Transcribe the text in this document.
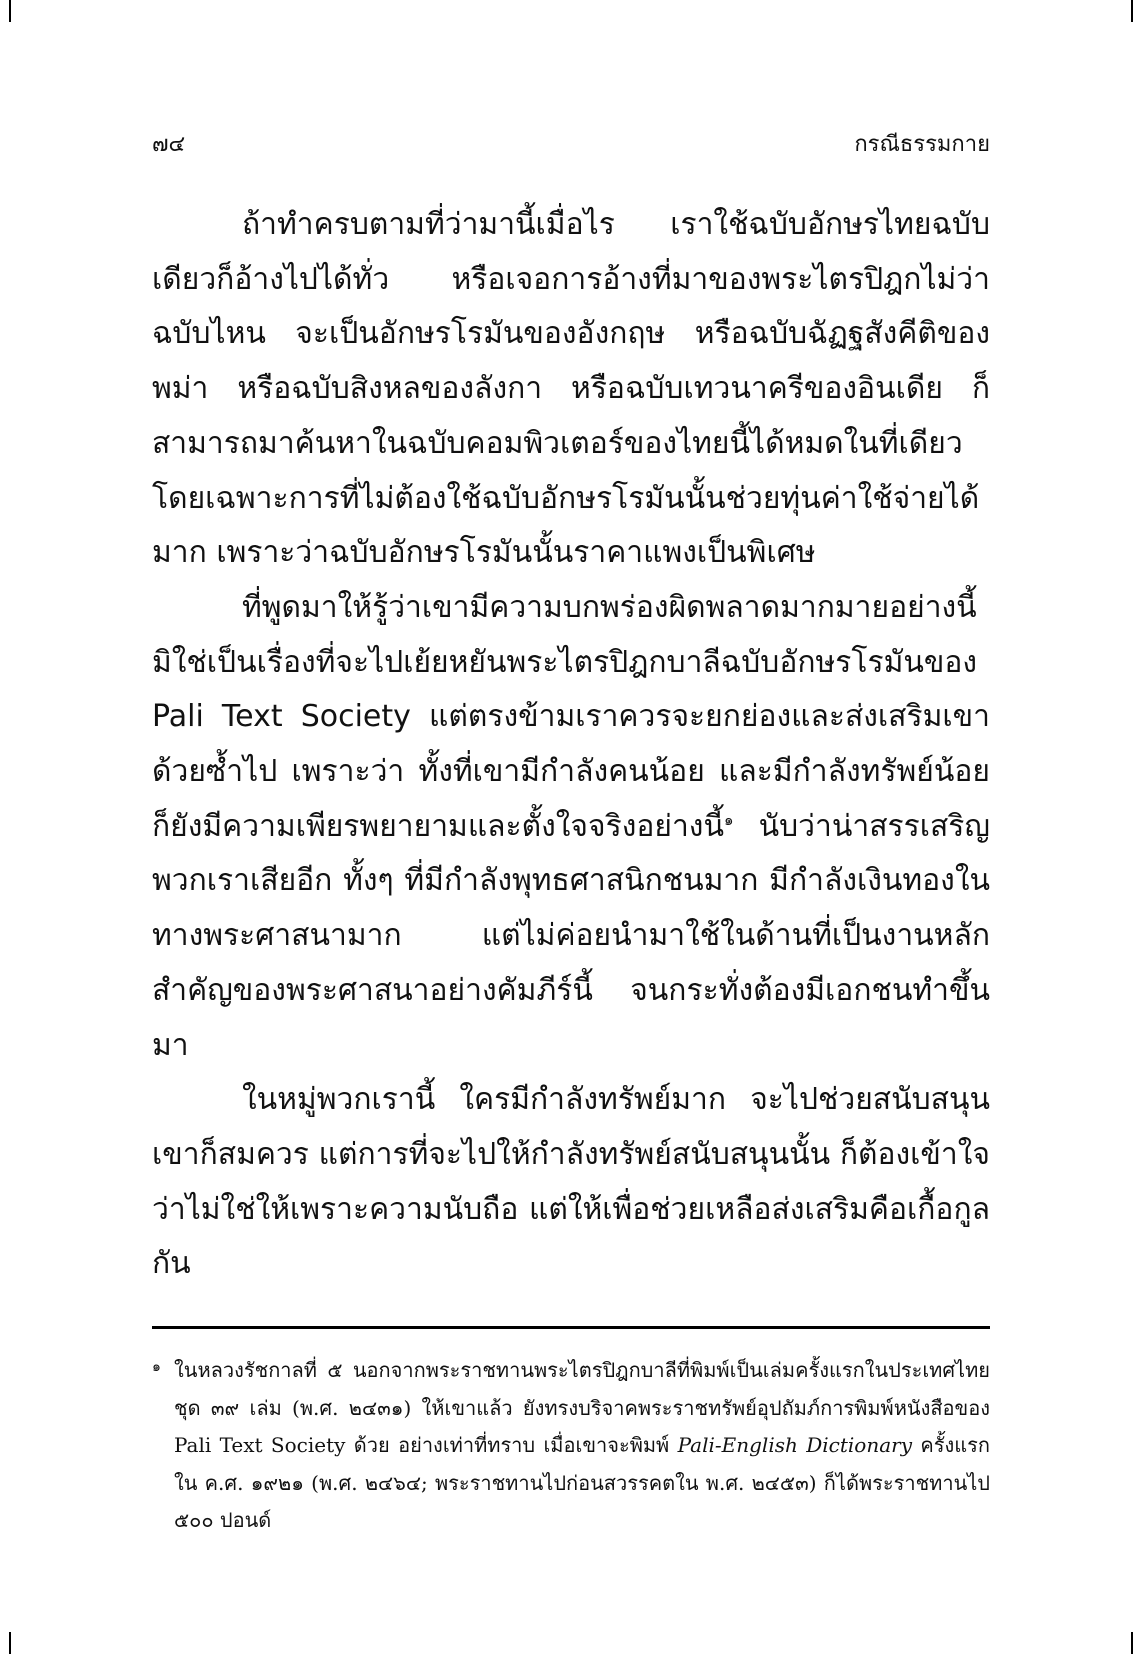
๗๔	กรณีธรรมกาย

ถ้าทำครบตามที่ว่ามานี้เมื่อไร เราใช้ฉบับอักษรไทยฉบับเดียวก็อ้างไปได้ทั่ว หรือเจอการอ้างที่มาของพระไตรปิฎกไม่ว่าฉบับไหน จะเป็นอักษรโรมันของอังกฤษ หรือฉบับฉัฏฐสังคีติของพม่า หรือฉบับสิงหลของลังกา หรือฉบับเทวนาครีของอินเดีย ก็สามารถมาค้นหาในฉบับคอมพิวเตอร์ของไทยนี้ได้หมดในที่เดียว โดยเฉพาะการที่ไม่ต้องใช้ฉบับอักษรโรมันนั้นช่วยทุ่นค่าใช้จ่ายได้มาก เพราะว่าฉบับอักษรโรมันนั้นราคาแพงเป็นพิเศษ

ที่พูดมาให้รู้ว่าเขามีความบกพร่องผิดพลาดมากมายอย่างนี้ มิใช่เป็นเรื่องที่จะไปเย้ยหยันพระไตรปิฎกบาลีฉบับอักษรโรมันของ Pali Text Society แต่ตรงข้ามเราควรจะยกย่องและส่งเสริมเขาด้วยซ้ำไป เพราะว่า ทั้งที่เขามีกำลังคนน้อย และมีกำลังทรัพย์น้อยก็ยังมีความเพียรพยายามและตั้งใจจริงอย่างนี้$^๑$ นับว่าน่าสรรเสริญ พวกเราเสียอีก ทั้งๆ ที่มีกำลังพุทธศาสนิกชนมาก มีกำลังเงินทองในทางพระศาสนามาก แต่ไม่ค่อยนำมาใช้ในด้านที่เป็นงานหลักสำคัญของพระศาสนาอย่างคัมภีร์นี้ จนกระทั่งต้องมีเอกชนทำขึ้นมา

ในหมู่พวกเรานี้ ใครมีกำลังทรัพย์มาก จะไปช่วยสนับสนุนเขาก็สมควร แต่การที่จะไปให้กำลังทรัพย์สนับสนุนนั้น ก็ต้องเข้าใจว่าไม่ใช่ให้เพราะความนับถือ แต่ให้เพื่อช่วยเหลือส่งเสริมคือเกื้อกูลกัน

๑ ในหลวงรัชกาลที่ ๕ นอกจากพระราชทานพระไตรปิฎกบาลีที่พิมพ์เป็นเล่มครั้งแรกในประเทศไทย ชุด ๓๙ เล่ม (พ.ศ. ๒๔๓๑) ให้เขาแล้ว ยังทรงบริจาคพระราชทรัพย์อุปถัมภ์การพิมพ์หนังสือของ Pali Text Society ด้วย อย่างเท่าที่ทราบ เมื่อเขาจะพิมพ์ Pali-English Dictionary ครั้งแรก ใน ค.ศ. ๑๙๒๑ (พ.ศ. ๒๔๖๔; พระราชทานไปก่อนสวรรคตใน พ.ศ. ๒๔๕๓) ก็ได้พระราชทานไป ๕๐๐ ปอนด์
